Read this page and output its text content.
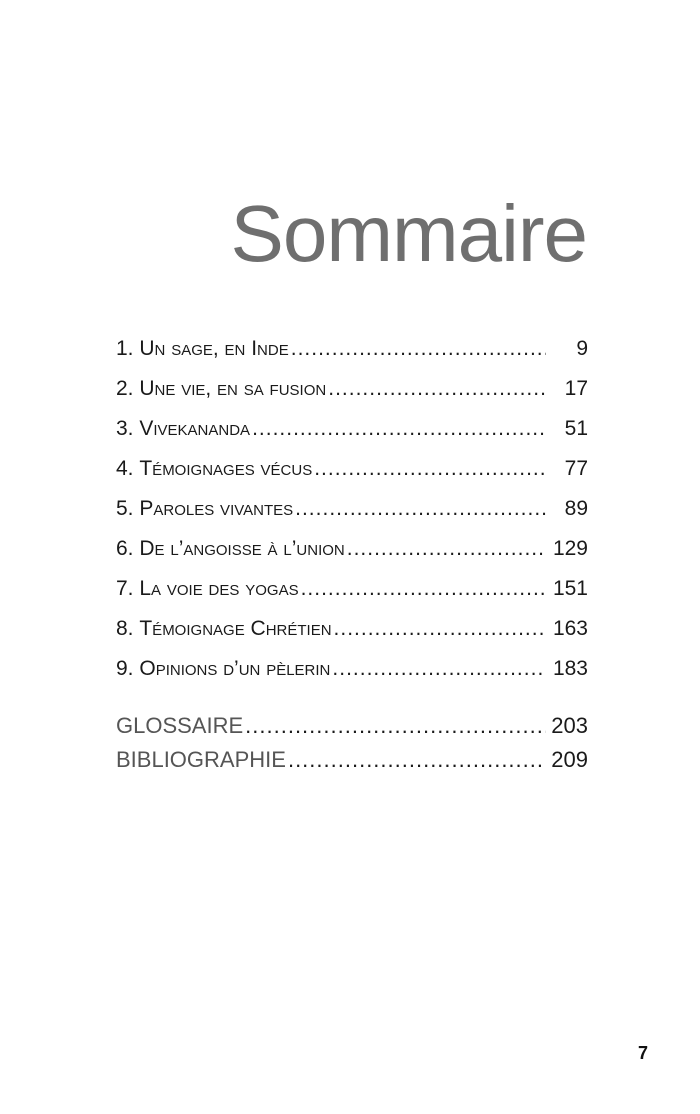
Sommaire
1. Un sage, en Inde .....	9
2. Une vie, en sa fusion .....	17
3. Vivekananda .....	51
4. Témoignages vécus .....	77
5. Paroles vivantes .....	89
6. De l’angoisse à l’union .....	129
7. La voie des yogas .....	151
8. Témoignage Chrétien .....	163
9. Opinions d’un pèlerin .....	183
GLOSSAIRE .....	203
BIBLIOGRAPHIE .....	209
7
